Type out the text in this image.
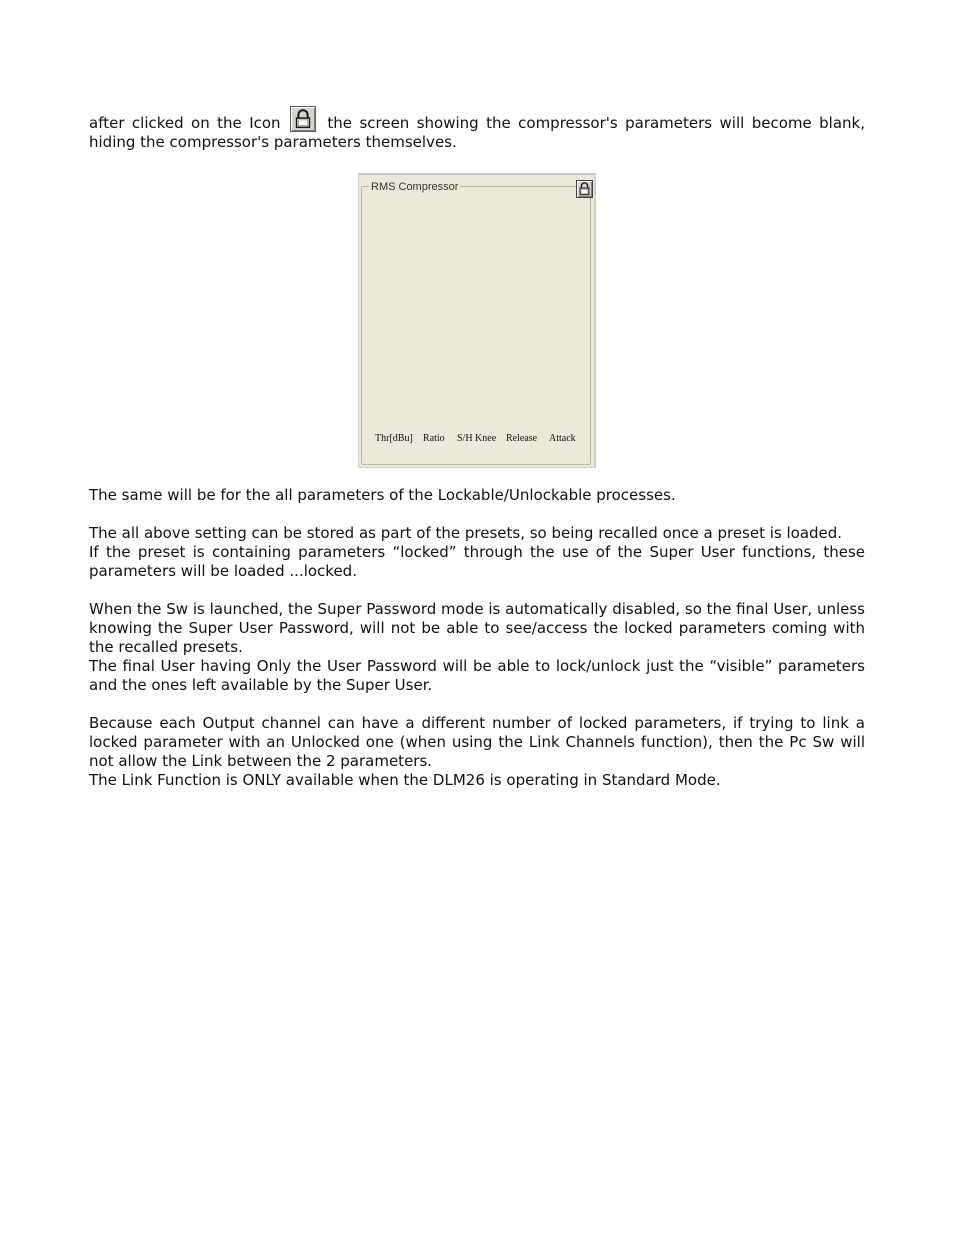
after clicked on the Icon
the screen showing the compressor's parameters will become blank, hiding the compressor's parameters themselves.

RMS Compressor
Thr[dBu]	Ratio	S/H Knee Release	Attack

The same will be for the all parameters of the Lockable/Unlockable processes.

The all above setting can be stored as part of the presets, so being recalled once a preset is loaded.

If the preset is containing parameters “locked” through the use of the Super User functions, these parameters will be loaded ...locked.

When the Sw is launched, the Super Password mode is automatically disabled, so the final User, unless knowing the Super User Password, will not be able to see/access the locked parameters coming with the recalled presets.

The final User having Only the User Password will be able to lock/unlock just the “visible” parameters and the ones left available by the Super User.

Because each Output channel can have a different number of locked parameters, if trying to link a locked parameter with an Unlocked one (when using the Link Channels function), then the Pc Sw will not allow the Link between the 2 parameters.

The Link Function is ONLY available when the DLM26 is operating in Standard Mode.
